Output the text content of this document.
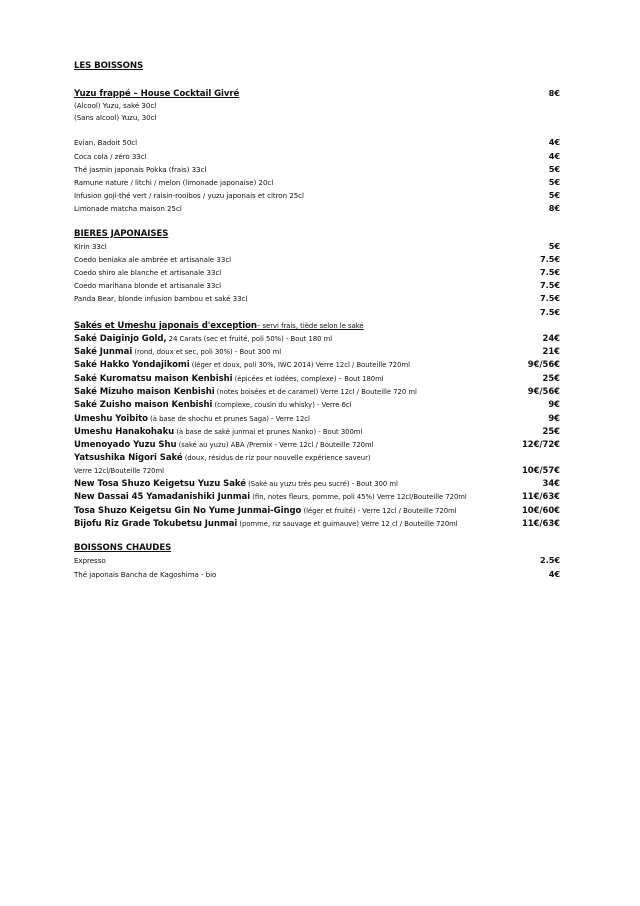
LES BOISSONS
Yuzu frappé – House Cocktail Givré	8€
(Alcool) Yuzu, saké 30cl
(Sans alcool) Yuzu, 30cl
Evian, Badoit 50cl	4€
Coca cola / zéro 33cl	4€
Thé jasmin japonais Pokka (frais) 33cl	5€
Ramune nature / litchi / melon (limonade japonaise) 20cl	5€
Infusion goji-thé vert / raisin-rooibos / yuzu japonais et citron 25cl	5€
Limonade matcha maison 25cl	8€
BIERES JAPONAISES
Kirin 33cl	5€
Coedo beniaka ale ambrée et artisanale 33cl	7.5€
Coedo shiro ale blanche et artisanale 33cl	7.5€
Coedo marihana blonde et artisanale 33cl	7.5€
Panda Bear, blonde infusion bambou et saké 33cl	7.5€
7.5€
Sakés et Umeshu japonais d'exception – servi frais, tiède selon le saké
Saké Daiginjo Gold, 24 Carats (sec et fruité, poli 50%) - Bout 180 ml	24€
Saké Junmai (rond, doux et sec, poli 30%) - Bout 300 ml	21€
Saké Hakko Yondajikomi (léger et doux, poli 30%, IWC 2014) Verre 12cl / Bouteille 720ml	9€/56€
Saké Kuromatsu maison Kenbishi (épicées et iodées, complexe) – Bout 180ml	25€
Saké Mizuho maison Kenbishi (notes boisées et de caramel) Verre 12cl / Bouteille 720 ml	9€/56€
Saké Zuisho maison Kenbishi (complexe, cousin du whisky) - Verre 6cl	9€
Umeshu Yoibito (à base de shochu et prunes Saga) - Verre 12cl	9€
Umeshu Hanakohaku (à base de saké junmai et prunes Nanko) - Bout 300ml	25€
Umenoyado Yuzu Shu (saké au yuzu) ABA /Premix - Verre 12cl / Bouteille 720ml	12€/72€
Yatsushika Nigori Saké (doux, résidus de riz pour nouvelle expérience saveur)
Verre 12cl/Bouteille 720ml	10€/57€
New Tosa Shuzo Keigetsu Yuzu Saké (Saké au yuzu très peu sucré) - Bout 300 ml	34€
New Dassai 45 Yamadanishiki Junmai (fin, notes fleurs, pomme, poli 45%) Verre 12cl/Bouteille 720ml	11€/63€
Tosa Shuzo Keigetsu Gin No Yume Junmai-Gingo (léger et fruité) - Verre 12cl / Bouteille 720ml	10€/60€
Bijofu Riz Grade Tokubetsu Junmai (pomme, riz sauvage et guimauve) Verre 12 cl / Bouteille 720ml	11€/63€
BOISSONS CHAUDES
Expresso	2.5€
Thé japonais Bancha de Kagoshima - bio	4€
